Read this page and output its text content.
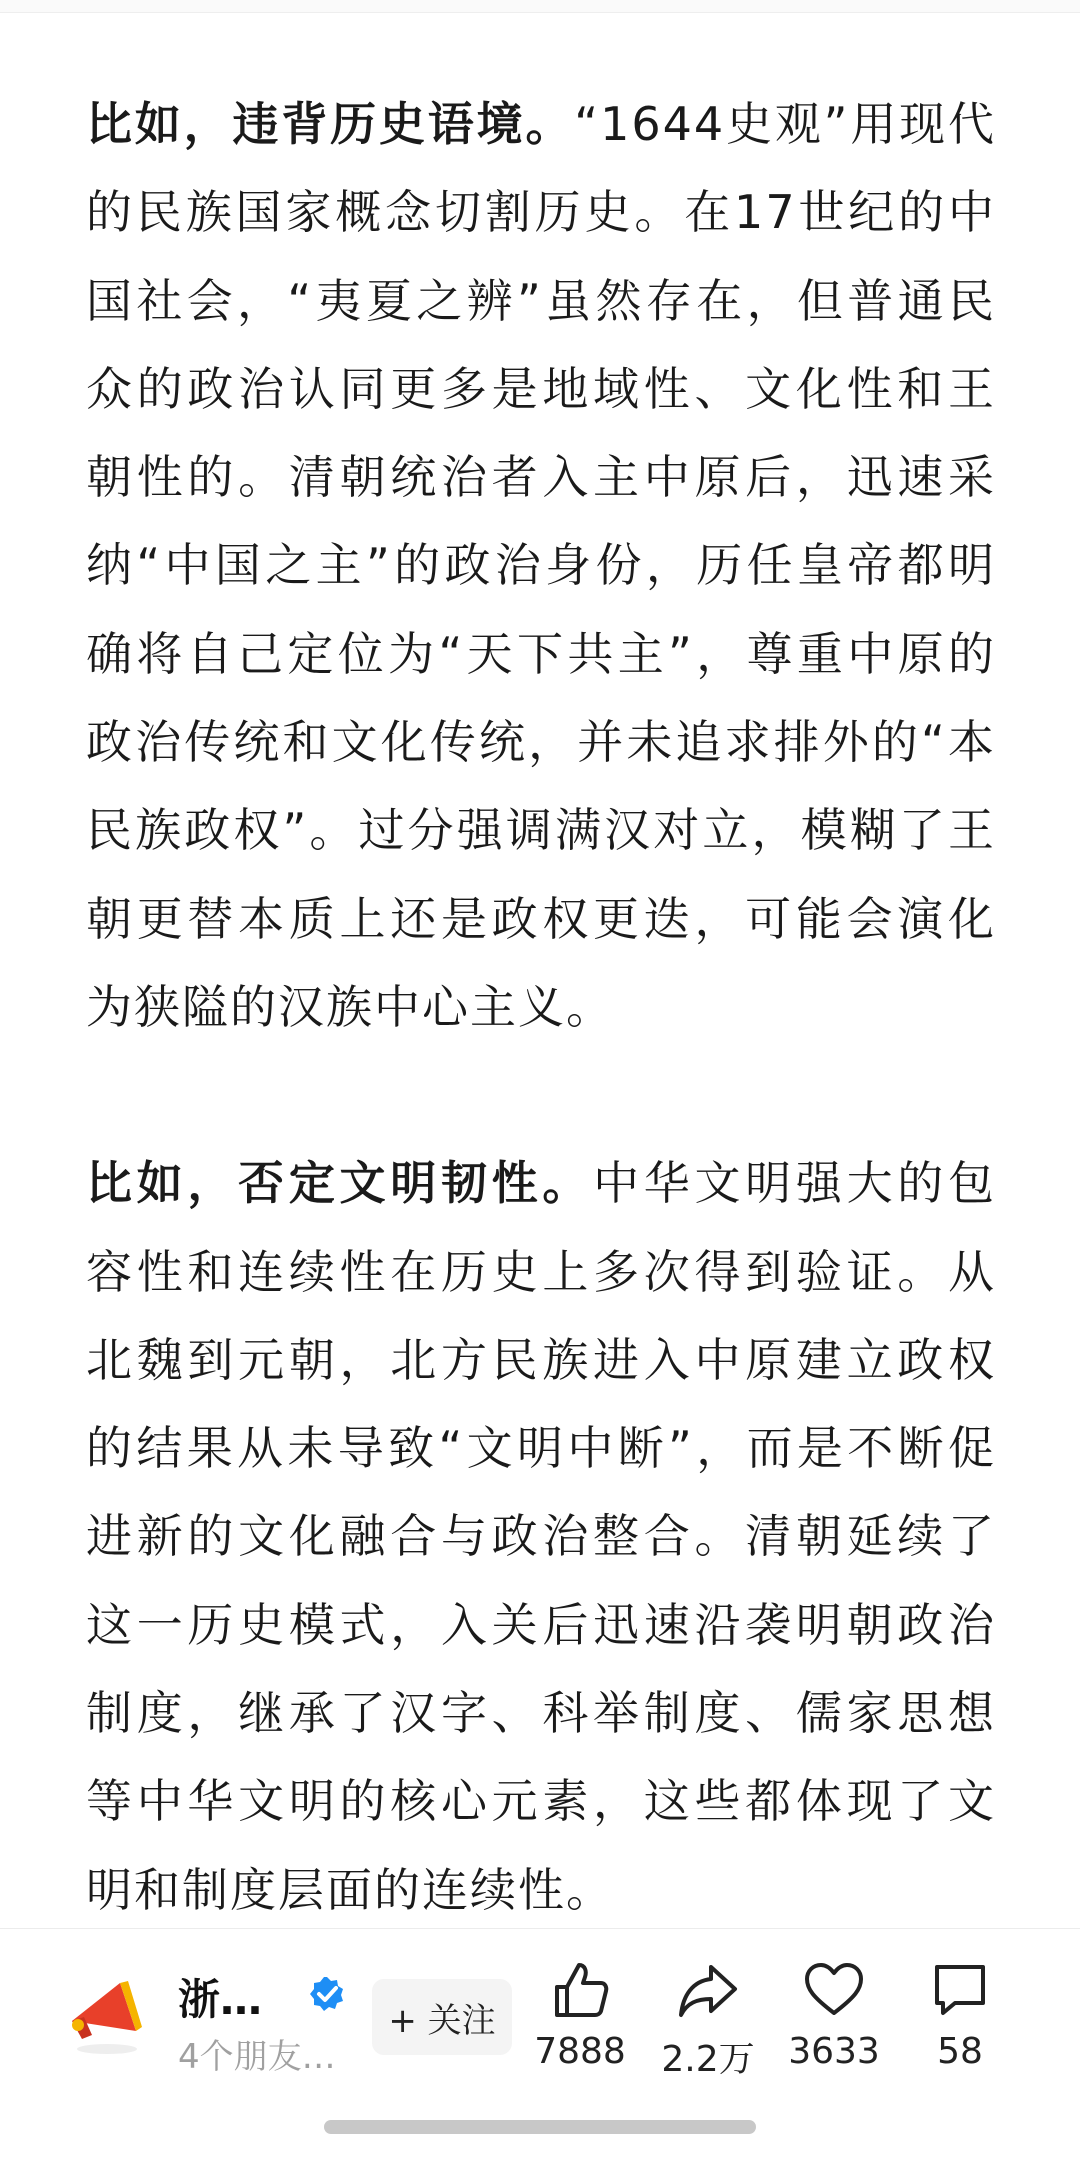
比如，违背历史语境。“1644史观”用现代的民族国家概念切割历史。在17世纪的中国社会，“夷夏之辨”虽然存在，但普通民众的政治认同更多是地域性、文化性和王朝性的。清朝统治者入主中原后，迅速采纳“中国之主”的政治身份，历任皇帝都明确将自己定位为“天下共主”，尊重中原的政治传统和文化传统，并未追求排外的“本民族政权”。过分强调满汉对立，模糊了王朝更替本质上还是政权更迭，可能会演化为狭隘的汉族中心主义。

比如，否定文明韧性。中华文明强大的包容性和连续性在历史上多次得到验证。从北魏到元朝，北方民族进入中原建立政权的结果从未导致“文明中断”，而是不断促进新的文化融合与政治整合。清朝延续了这一历史模式，入关后迅速沿袭明朝政治制度，继承了汉字、科举制度、儒家思想等中华文明的核心元素，这些都体现了文明和制度层面的连续性。

浙…
4个朋友…
+ 关注
7888 2.2万 3633 58
